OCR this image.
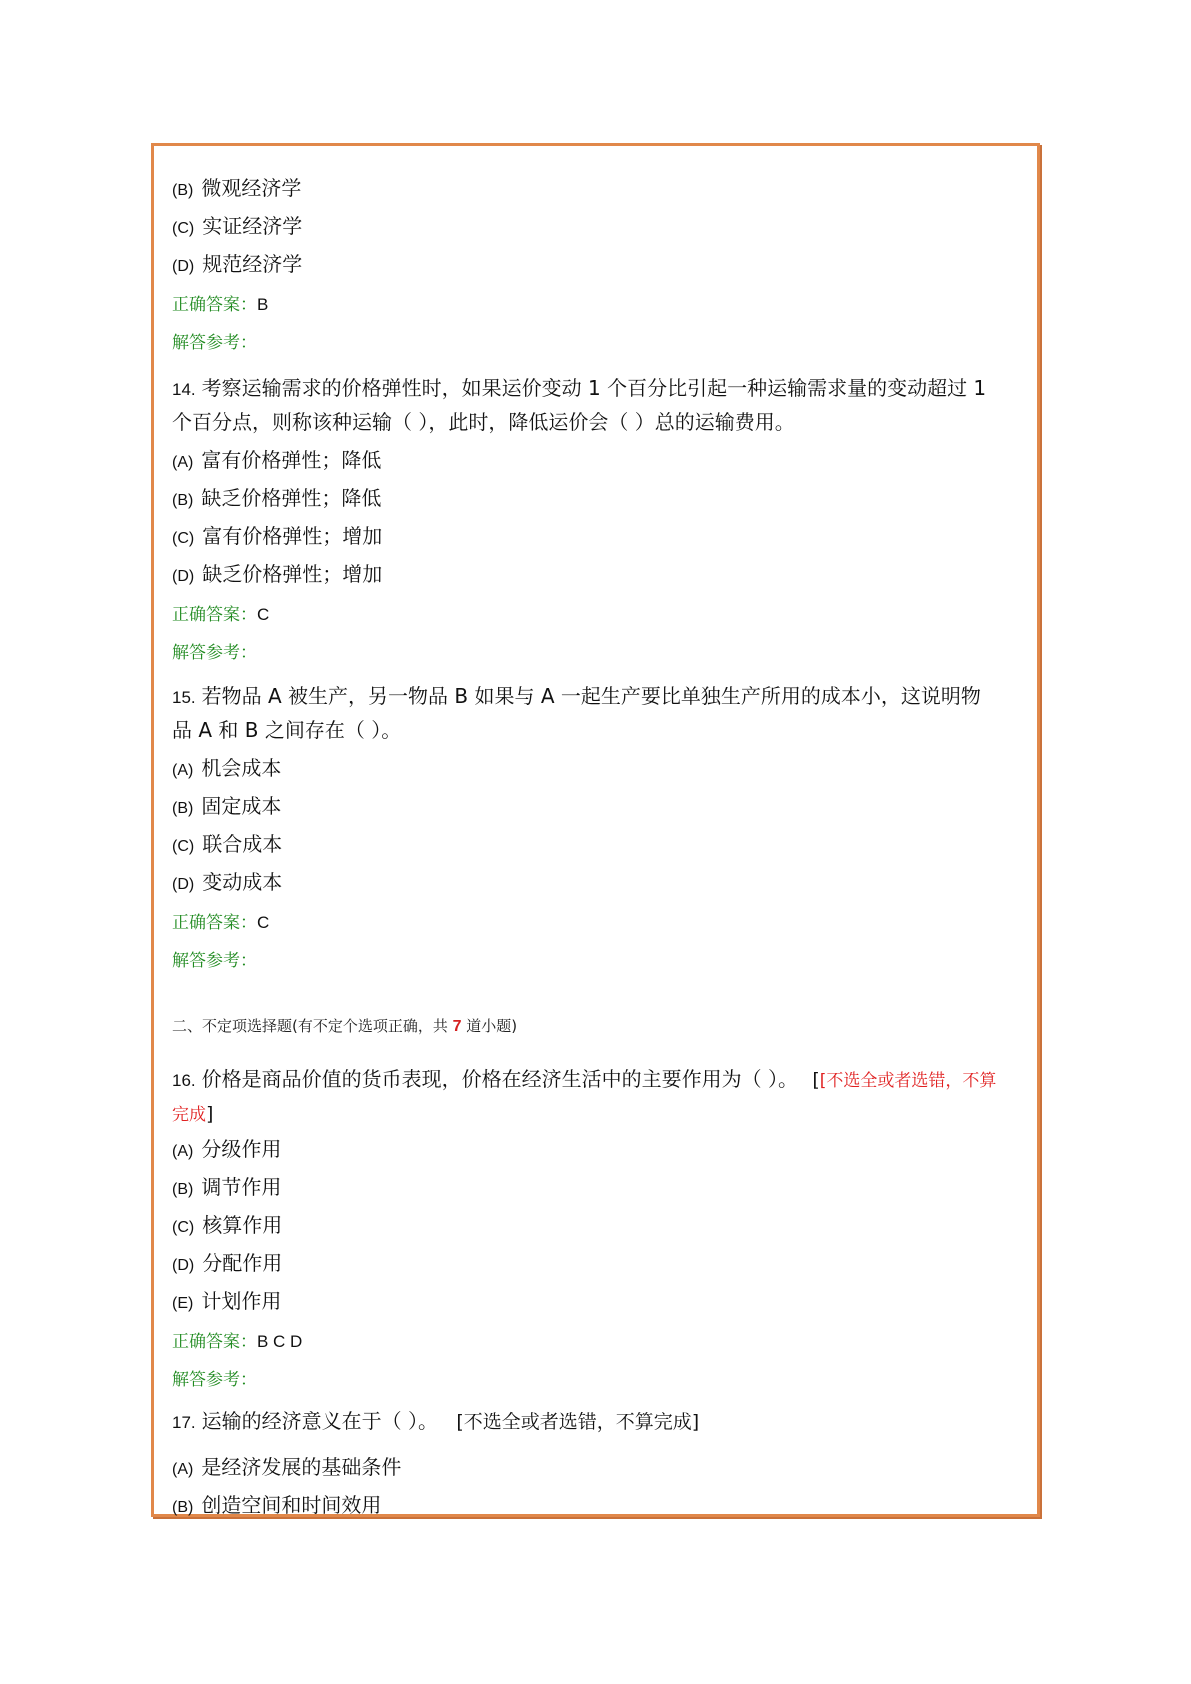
(B) 微观经济学
(C) 实证经济学
(D) 规范经济学
正确答案：B
解答参考：
14. 考察运输需求的价格弹性时，如果运价变动 1 个百分比引起一种运输需求量的变动超过 1
个百分点，则称该种运输（ ），此时，降低运价会（ ）总的运输费用。
(A) 富有价格弹性；降低
(B) 缺乏价格弹性；降低
(C) 富有价格弹性；增加
(D) 缺乏价格弹性；增加
正确答案：C
解答参考：
15. 若物品 A 被生产，另一物品 B 如果与 A 一起生产要比单独生产所用的成本小，这说明物
品 A 和 B 之间存在（ ）。
(A) 机会成本
(B) 固定成本
(C) 联合成本
(D) 变动成本
正确答案：C
解答参考：
二、不定项选择题(有不定个选项正确，共 7 道小题)
16. 价格是商品价值的货币表现，价格在经济生活中的主要作用为（ ）。 [[不选全或者选错，不算
完成]
(A) 分级作用
(B) 调节作用
(C) 核算作用
(D) 分配作用
(E) 计划作用
正确答案：B C D
解答参考：
17. 运输的经济意义在于（ ）。 [不选全或者选错，不算完成]
(A) 是经济发展的基础条件
(B) 创造空间和时间效用
